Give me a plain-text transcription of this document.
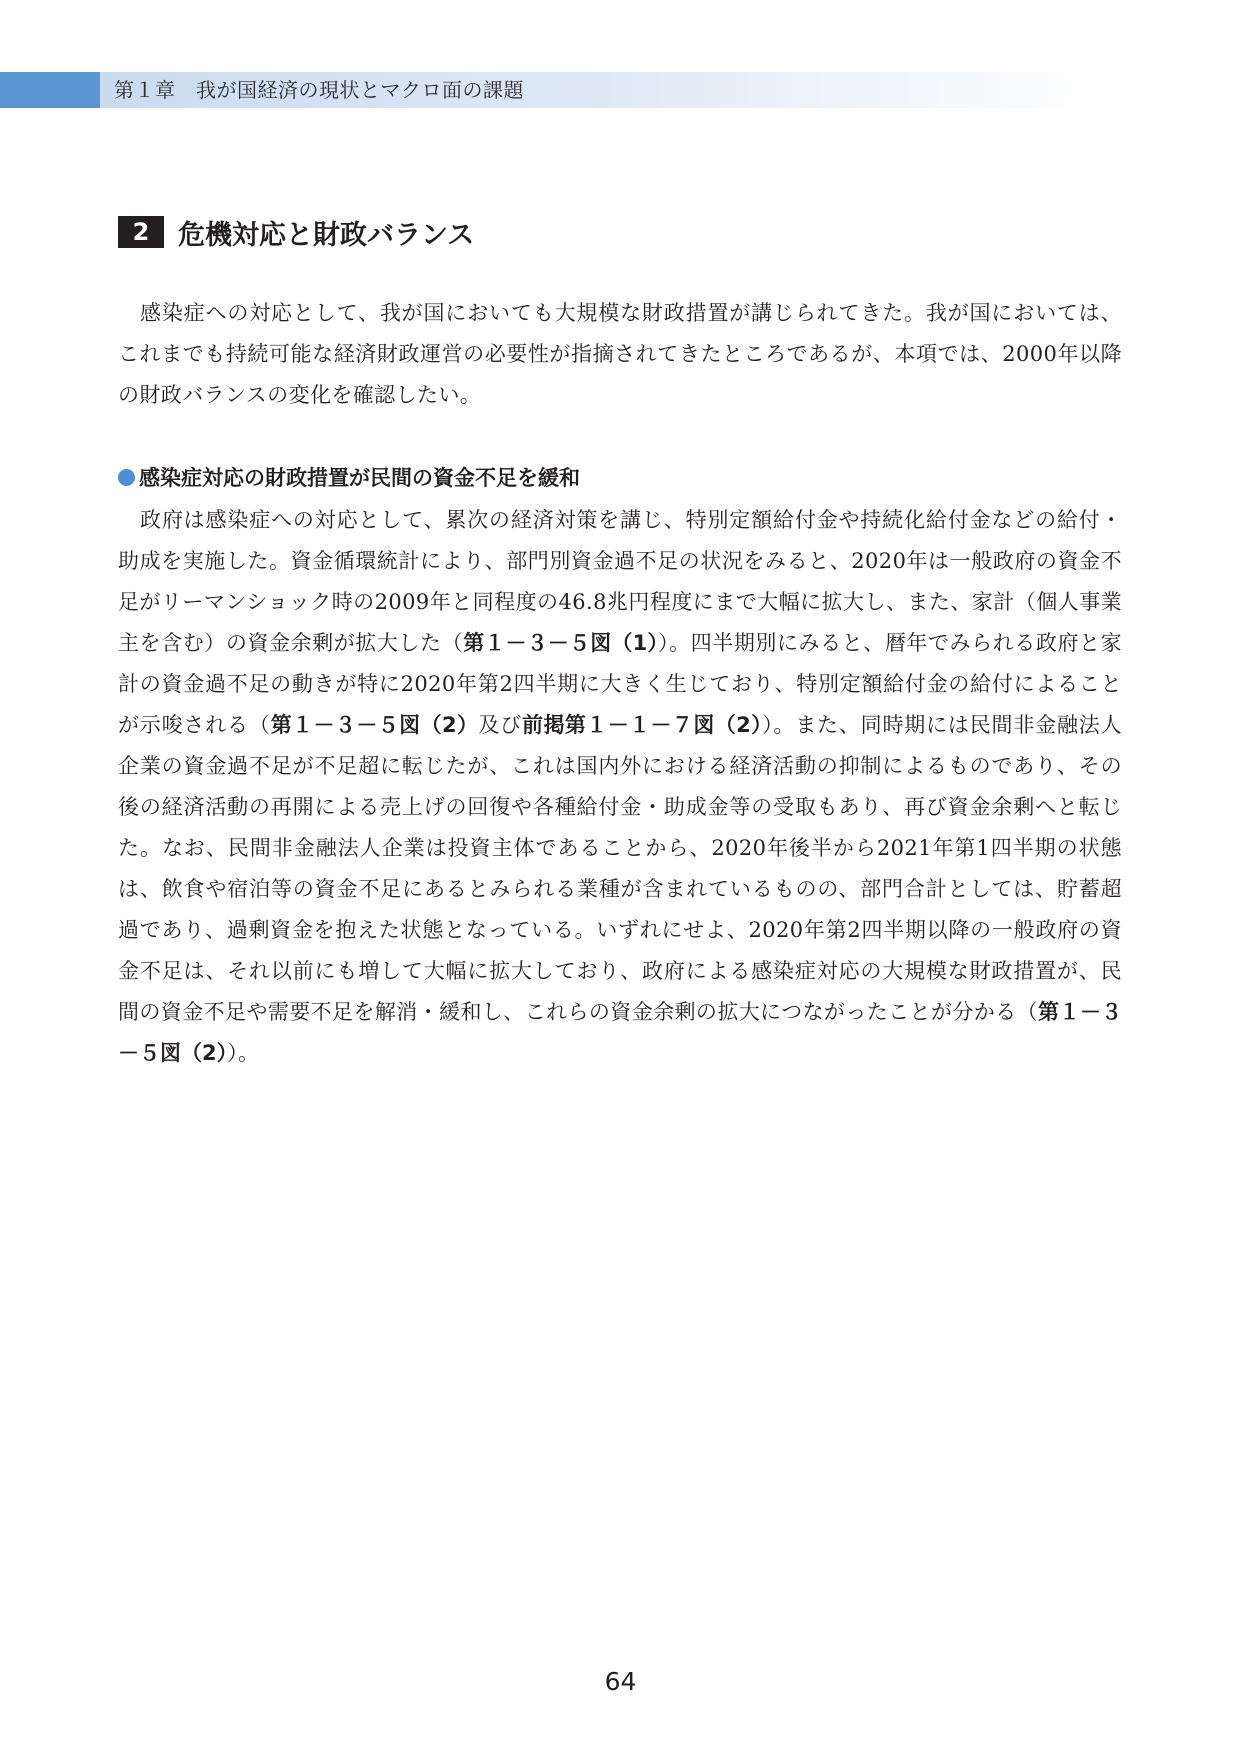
第１章　我が国経済の現状とマクロ面の課題
2	危機対応と財政バランス

感染症への対応として、我が国においても大規模な財政措置が講じられてきた。我が国においては、これまでも持続可能な経済財政運営の必要性が指摘されてきたところであるが、本項では、2000年以降の財政バランスの変化を確認したい。

感染症対応の財政措置が民間の資金不足を緩和

政府は感染症への対応として、累次の経済対策を講じ、特別定額給付金や持続化給付金などの給付・助成を実施した。資金循環統計により、部門別資金過不足の状況をみると、2020年は一般政府の資金不足がリーマンショック時の2009年と同程度の46.8兆円程度にまで大幅に拡大し、また、家計（個人事業主を含む）の資金余剰が拡大した（第１－３－５図（1））。四半期別にみると、暦年でみられる政府と家計の資金過不足の動きが特に2020年第2四半期に大きく生じており、特別定額給付金の給付によることが示唆される（第１－３－５図（2）及び前掲第１－１－７図（2））。また、同時期には民間非金融法人企業の資金過不足が不足超に転じたが、これは国内外における経済活動の抑制によるものであり、その後の経済活動の再開による売上げの回復や各種給付金・助成金等の受取もあり、再び資金余剰へと転じた。なお、民間非金融法人企業は投資主体であることから、2020年後半から2021年第1四半期の状態は、飲食や宿泊等の資金不足にあるとみられる業種が含まれているものの、部門合計としては、貯蓄超過であり、過剰資金を抱えた状態となっている。いずれにせよ、2020年第2四半期以降の一般政府の資金不足は、それ以前にも増して大幅に拡大しており、政府による感染症対応の大規模な財政措置が、民間の資金不足や需要不足を解消・緩和し、これらの資金余剰の拡大につながったことが分かる（第１－３－５図（2））。

64
